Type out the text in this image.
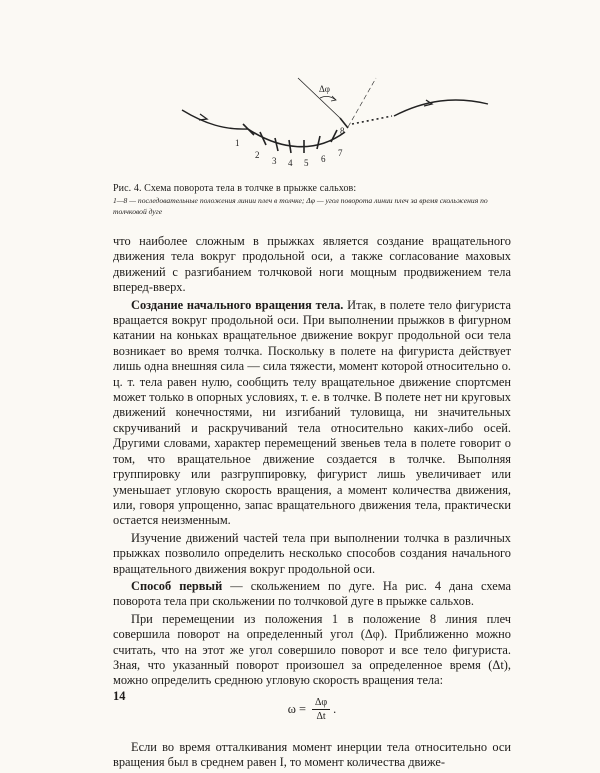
Δφ
1
2
3 4 5 6
7
8
Рис. 4. Схема поворота тела в толчке в прыжке сальхов:
1—8 — последовательные положения линии плеч в толчке; Δφ — угол поворота линии плеч за время скольжения по толчковой дуге

что наиболее сложным в прыжках является создание вращательного движения тела вокруг продольной оси, а также согласование маховых движений с разгибанием толчковой ноги мощным продвижением тела вперед-вверх.

Создание начального вращения тела. Итак, в полете тело фигуриста вращается вокруг продольной оси. При выполнении прыжков в фигурном катании на коньках вращательное движение вокруг продольной оси тела возникает во время толчка. Поскольку в полете на фигуриста действует лишь одна внешняя сила — сила тяжести, момент которой относительно о. ц. т. тела равен нулю, сообщить телу вращательное движение спортсмен может только в опорных условиях, т. е. в толчке. В полете нет ни круговых движений конечностями, ни изгибаний туловища, ни значительных скручиваний и раскручиваний тела относительно каких-либо осей. Другими словами, характер перемещений звеньев тела в полете говорит о том, что вращательное движение создается в толчке. Выполняя группировку или разгруппировку, фигурист лишь увеличивает или уменьшает угловую скорость вращения, а момент количества движения, или, говоря упрощенно, запас вращательного движения тела, практически остается неизменным.

Изучение движений частей тела при выполнении толчка в различных прыжках позволило определить несколько способов создания начального вращательного движения вокруг продольной оси.

Способ первый — скольжением по дуге. На рис. 4 дана схема поворота тела при скольжении по толчковой дуге в прыжке сальхов.

При перемещении из положения 1 в положение 8 линия плеч совершила поворот на определенный угол (Δφ). Приближенно можно считать, что на этот же угол совершило поворот и все тело фигуриста. Зная, что указанный поворот произошел за определенное время (Δt), можно определить среднюю угловую скорость вращения тела:

$\omega = \frac{\Delta\varphi}{\Delta t}$ .

Если во время отталкивания момент инерции тела относительно оси вращения был в среднем равен I, то момент количества движе-

14
